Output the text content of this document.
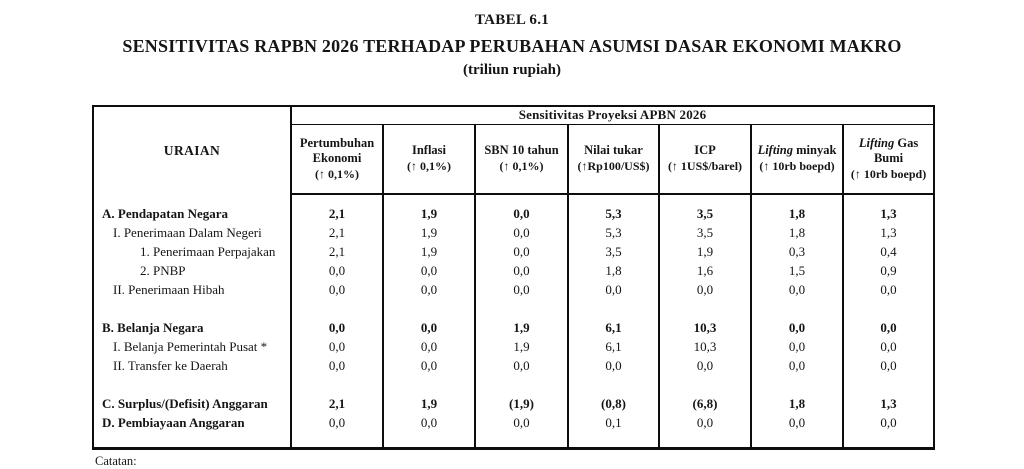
TABEL 6.1
SENSITIVITAS RAPBN 2026 TERHADAP PERUBAHAN ASUMSI DASAR EKONOMI MAKRO
(triliun rupiah)
URAIAN	Sensitivitas Proyeksi APBN 2026						

Pertumbuhan Ekonomi
(↑ 0,1%)

Inflasi
(↑ 0,1%)

SBN 10 tahun
(↑ 0,1%)

Nilai tukar
(↑Rp100/US$)

ICP
(↑ 1US$/barel)

Lifting minyak
(↑ 10rb boepd)

Lifting Gas Bumi
(↑ 10rb boepd)

A. Pendapatan Negara	2,1	1,9	0,0	5,3	3,5	1,8	1,3
I. Penerimaan Dalam Negeri	2,1	1,9	0,0	5,3	3,5	1,8	1,3
1. Penerimaan Perpajakan	2,1	1,9	0,0	3,5	1,9	0,3	0,4
2. PNBP	0,0	0,0	0,0	1,8	1,6	1,5	0,9
II. Penerimaan Hibah	0,0	0,0	0,0	0,0	0,0	0,0	0,0

B. Belanja Negara	0,0	0,0	1,9	6,1	10,3	0,0	0,0
I. Belanja Pemerintah Pusat *	0,0	0,0	1,9	6,1	10,3	0,0	0,0
II. Transfer ke Daerah	0,0	0,0	0,0	0,0	0,0	0,0	0,0

C. Surplus/(Defisit) Anggaran	2,1	1,9	(1,9)	(0,8)	(6,8)	1,8	1,3
D. Pembiayaan Anggaran	0,0	0,0	0,0	0,1	0,0	0,0	0,0

Catatan:
